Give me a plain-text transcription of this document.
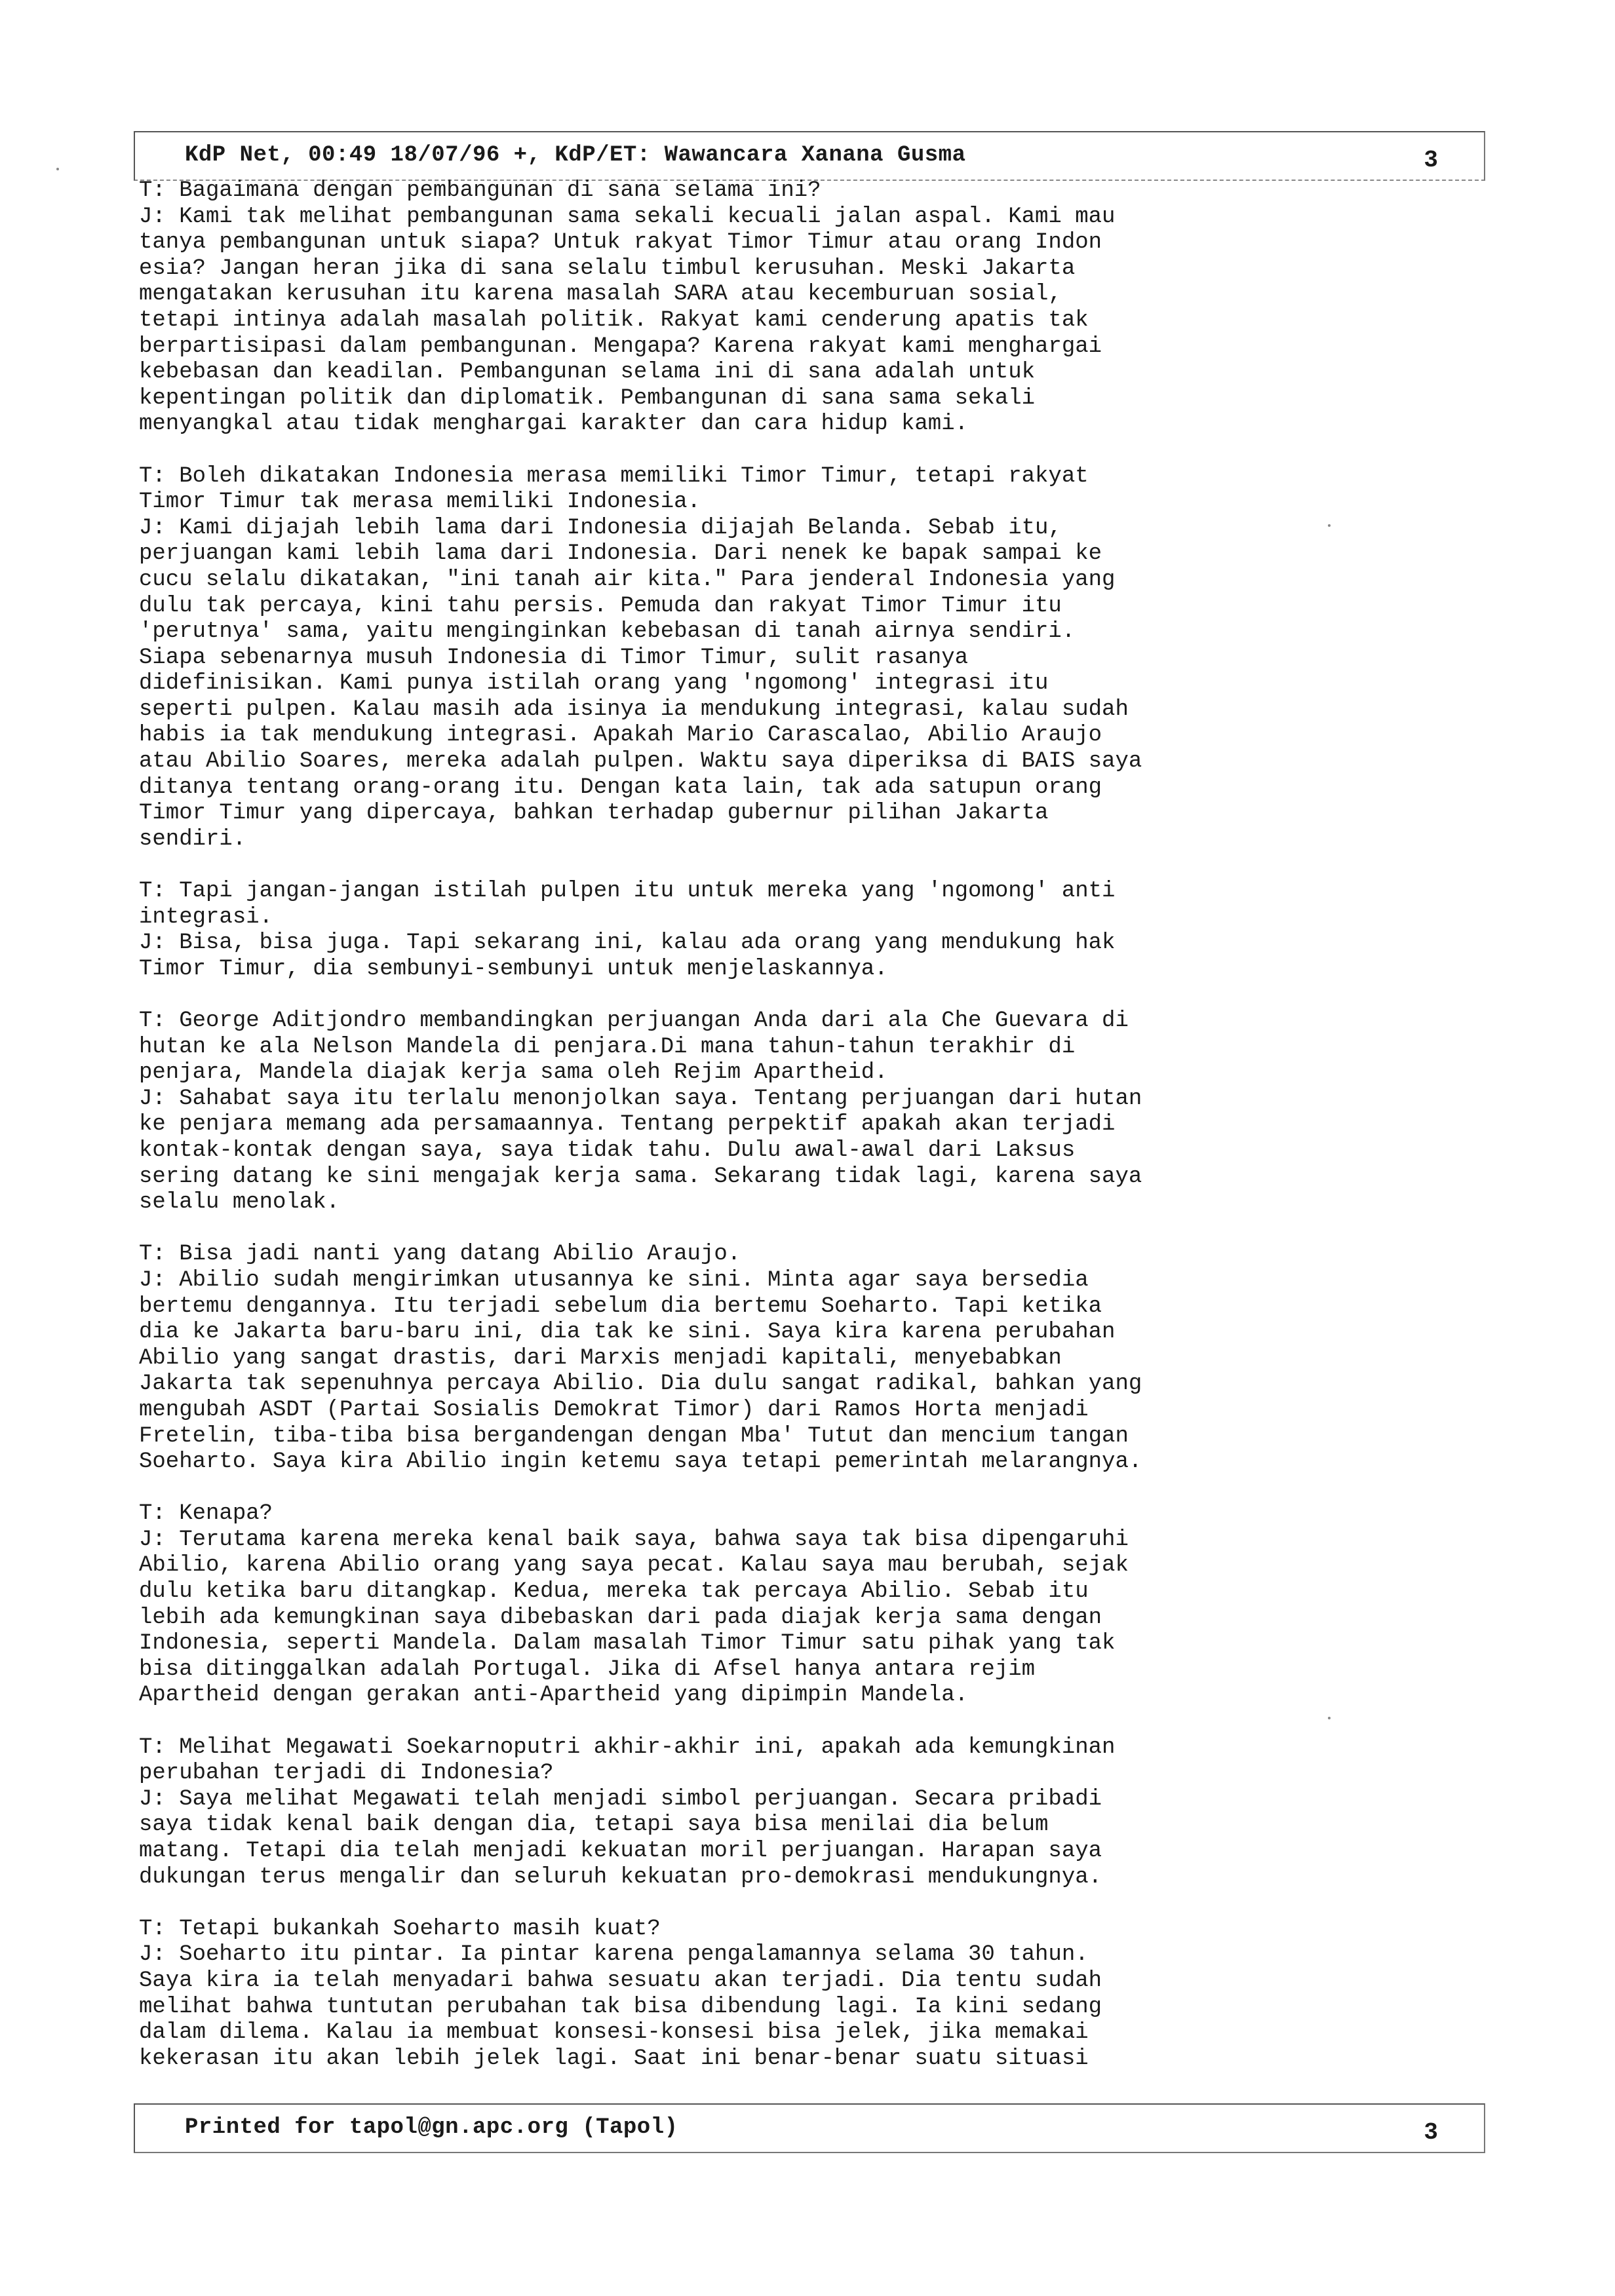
KdP Net, 00:49 18/07/96 +, KdP/ET: Wawancara Xanana Gusma	3
T: Bagaimana dengan pembangunan di sana selama ini?
J: Kami tak melihat pembangunan sama sekali kecuali jalan aspal. Kami mau
tanya pembangunan untuk siapa? Untuk rakyat Timor Timur atau orang Indon
esia? Jangan heran jika di sana selalu timbul kerusuhan. Meski Jakarta
mengatakan kerusuhan itu karena masalah SARA atau kecemburuan sosial,
tetapi intinya adalah masalah politik. Rakyat kami cenderung apatis tak
berpartisipasi dalam pembangunan. Mengapa? Karena rakyat kami menghargai
kebebasan dan keadilan. Pembangunan selama ini di sana adalah untuk
kepentingan politik dan diplomatik. Pembangunan di sana sama sekali
menyangkal atau tidak menghargai karakter dan cara hidup kami.
T: Boleh dikatakan Indonesia merasa memiliki Timor Timur, tetapi rakyat
Timor Timur tak merasa memiliki Indonesia.
J: Kami dijajah lebih lama dari Indonesia dijajah Belanda. Sebab itu,
perjuangan kami lebih lama dari Indonesia. Dari nenek ke bapak sampai ke
cucu selalu dikatakan, "ini tanah air kita." Para jenderal Indonesia yang
dulu tak percaya, kini tahu persis. Pemuda dan rakyat Timor Timur itu
'perutnya' sama, yaitu menginginkan kebebasan di tanah airnya sendiri.
Siapa sebenarnya musuh Indonesia di Timor Timur, sulit rasanya
didefinisikan. Kami punya istilah orang yang 'ngomong' integrasi itu
seperti pulpen. Kalau masih ada isinya ia mendukung integrasi, kalau sudah
habis ia tak mendukung integrasi. Apakah Mario Carascalao, Abilio Araujo
atau Abilio Soares, mereka adalah pulpen. Waktu saya diperiksa di BAIS saya
ditanya tentang orang-orang itu. Dengan kata lain, tak ada satupun orang
Timor Timur yang dipercaya, bahkan terhadap gubernur pilihan Jakarta
sendiri.
T: Tapi jangan-jangan istilah pulpen itu untuk mereka yang 'ngomong' anti
integrasi.
J: Bisa, bisa juga. Tapi sekarang ini, kalau ada orang yang mendukung hak
Timor Timur, dia sembunyi-sembunyi untuk menjelaskannya.
T: George Aditjondro membandingkan perjuangan Anda dari ala Che Guevara di
hutan ke ala Nelson Mandela di penjara.Di mana tahun-tahun terakhir di
penjara, Mandela diajak kerja sama oleh Rejim Apartheid.
J: Sahabat saya itu terlalu menonjolkan saya. Tentang perjuangan dari hutan
ke penjara memang ada persamaannya. Tentang perpektif apakah akan terjadi
kontak-kontak dengan saya, saya tidak tahu. Dulu awal-awal dari Laksus
sering datang ke sini mengajak kerja sama. Sekarang tidak lagi, karena saya
selalu menolak.
T: Bisa jadi nanti yang datang Abilio Araujo.
J: Abilio sudah mengirimkan utusannya ke sini. Minta agar saya bersedia
bertemu dengannya. Itu terjadi sebelum dia bertemu Soeharto. Tapi ketika
dia ke Jakarta baru-baru ini, dia tak ke sini. Saya kira karena perubahan
Abilio yang sangat drastis, dari Marxis menjadi kapitali, menyebabkan
Jakarta tak sepenuhnya percaya Abilio. Dia dulu sangat radikal, bahkan yang
mengubah ASDT (Partai Sosialis Demokrat Timor) dari Ramos Horta menjadi
Fretelin, tiba-tiba bisa bergandengan dengan Mba' Tutut dan mencium tangan
Soeharto. Saya kira Abilio ingin ketemu saya tetapi pemerintah melarangnya.
T: Kenapa?
J: Terutama karena mereka kenal baik saya, bahwa saya tak bisa dipengaruhi
Abilio, karena Abilio orang yang saya pecat. Kalau saya mau berubah, sejak
dulu ketika baru ditangkap. Kedua, mereka tak percaya Abilio. Sebab itu
lebih ada kemungkinan saya dibebaskan dari pada diajak kerja sama dengan
Indonesia, seperti Mandela. Dalam masalah Timor Timur satu pihak yang tak
bisa ditinggalkan adalah Portugal. Jika di Afsel hanya antara rejim
Apartheid dengan gerakan anti-Apartheid yang dipimpin Mandela.
T: Melihat Megawati Soekarnoputri akhir-akhir ini, apakah ada kemungkinan
perubahan terjadi di Indonesia?
J: Saya melihat Megawati telah menjadi simbol perjuangan. Secara pribadi
saya tidak kenal baik dengan dia, tetapi saya bisa menilai dia belum
matang. Tetapi dia telah menjadi kekuatan moril perjuangan. Harapan saya
dukungan terus mengalir dan seluruh kekuatan pro-demokrasi mendukungnya.
T: Tetapi bukankah Soeharto masih kuat?
J: Soeharto itu pintar. Ia pintar karena pengalamannya selama 30 tahun.
Saya kira ia telah menyadari bahwa sesuatu akan terjadi. Dia tentu sudah
melihat bahwa tuntutan perubahan tak bisa dibendung lagi. Ia kini sedang
dalam dilema. Kalau ia membuat konsesi-konsesi bisa jelek, jika memakai
kekerasan itu akan lebih jelek lagi. Saat ini benar-benar suatu situasi
Printed for tapol@gn.apc.org (Tapol)	3
